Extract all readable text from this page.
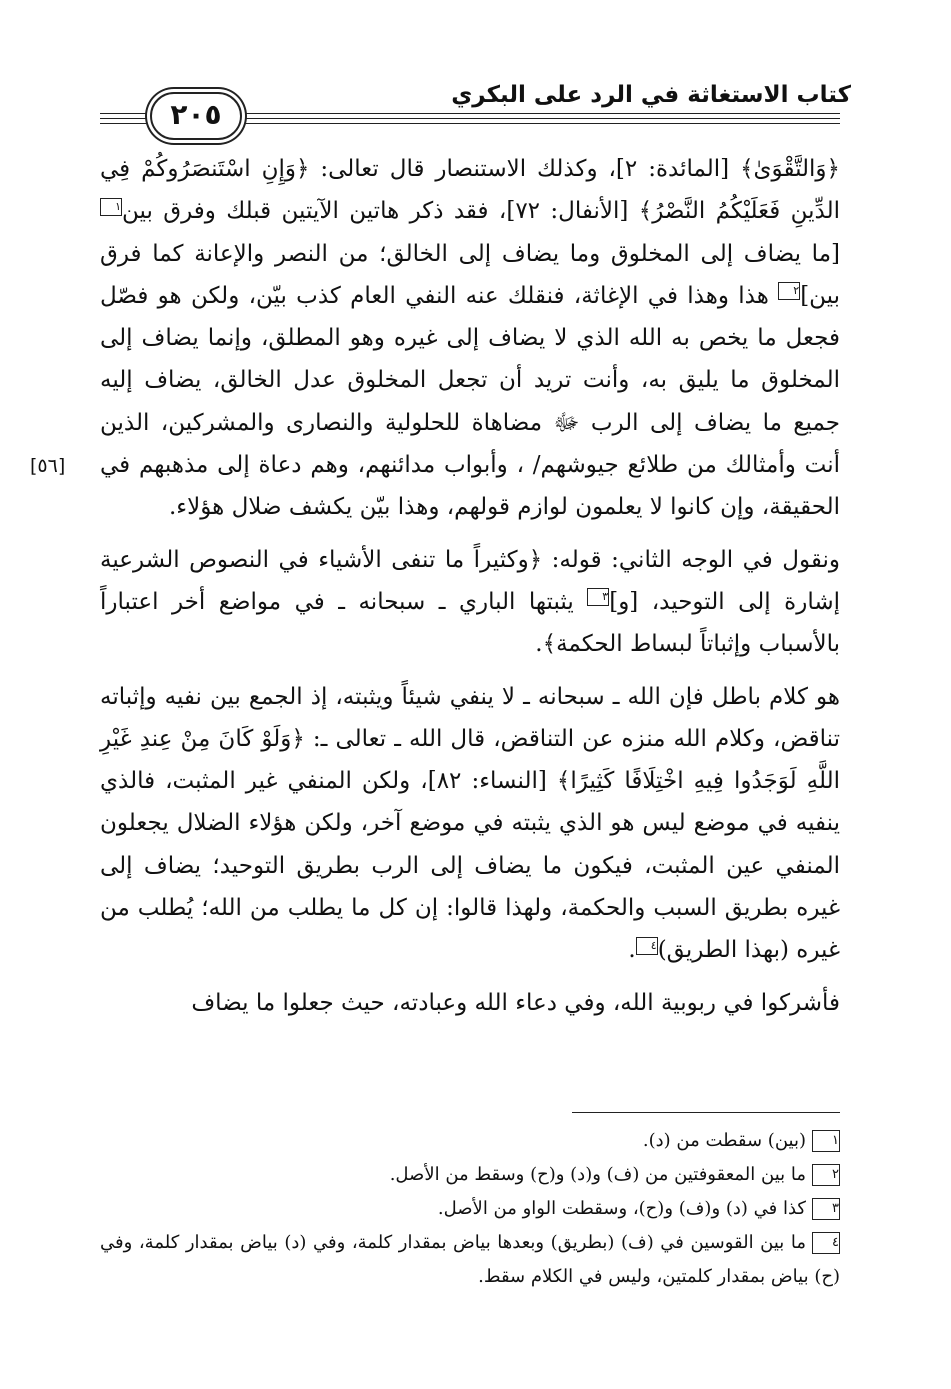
كتاب الاستغاثة في الرد على البكري
٢٠٥
[٥٦]

﴿وَالتَّقْوَىٰ﴾ [المائدة: ٢]، وكذلك الاستنصار قال تعالى: ﴿وَإِنِ اسْتَنصَرُوكُمْ فِي الدِّينِ فَعَلَيْكُمُ النَّصْرُ﴾ [الأنفال: ٧٢]، فقد ذكر هاتين الآيتين قبلك وفرق بين١ [ما يضاف إلى المخلوق وما يضاف إلى الخالق؛ من النصر والإعانة كما فرق بين]٢ هذا وهذا في الإغاثة، فنقلك عنه النفي العام كذب بيّن، ولكن هو فصّل فجعل ما يخص به الله الذي لا يضاف إلى غيره وهو المطلق، وإنما يضاف إلى المخلوق ما يليق به، وأنت تريد أن تجعل المخلوق عدل الخالق، يضاف إليه جميع ما يضاف إلى الرب ﷻ مضاهاة للحلولية والنصارى والمشركين، الذين أنت وأمثالك من طلائع جيوشهم/ ، وأبواب مدائنهم، وهم دعاة إلى مذهبهم في الحقيقة، وإن كانوا لا يعلمون لوازم قولهم، وهذا بيّن يكشف ضلال هؤلاء.

ونقول في الوجه الثاني: قوله: ﴿وكثيراً ما تنفى الأشياء في النصوص الشرعية إشارة إلى التوحيد، [و]٣ يثبتها الباري ـ سبحانه ـ في مواضع أخر اعتباراً بالأسباب وإثباتاً لبساط الحكمة﴾.

هو كلام باطل فإن الله ـ سبحانه ـ لا ينفي شيئاً ويثبته، إذ الجمع بين نفيه وإثباته تناقض، وكلام الله منزه عن التناقض، قال الله ـ تعالى ـ: ﴿وَلَوْ كَانَ مِنْ عِندِ غَيْرِ اللَّهِ لَوَجَدُوا فِيهِ اخْتِلَافًا كَثِيرًا﴾ [النساء: ٨٢]، ولكن المنفي غير المثبت، فالذي ينفيه في موضع ليس هو الذي يثبته في موضع آخر، ولكن هؤلاء الضلال يجعلون المنفي عين المثبت، فيكون ما يضاف إلى الرب بطريق التوحيد؛ يضاف إلى غيره بطريق السبب والحكمة، ولهذا قالوا: إن كل ما يطلب من الله؛ يُطلب من غيره (بهذا الطريق)٤.

فأشركوا في ربوبية الله، وفي دعاء الله وعبادته، حيث جعلوا ما يضاف

١(بين) سقطت من (د).

٢ما بين المعقوفتين من (ف) و(د) و(ح) وسقط من الأصل.

٣كذا في (د) و(ف) و(ح)، وسقطت الواو من الأصل.

٤ما بين القوسين في (ف) (بطريق) وبعدها بياض بمقدار كلمة، وفي (د) بياض بمقدار كلمة، وفي (ح) بياض بمقدار كلمتين، وليس في الكلام سقط.
